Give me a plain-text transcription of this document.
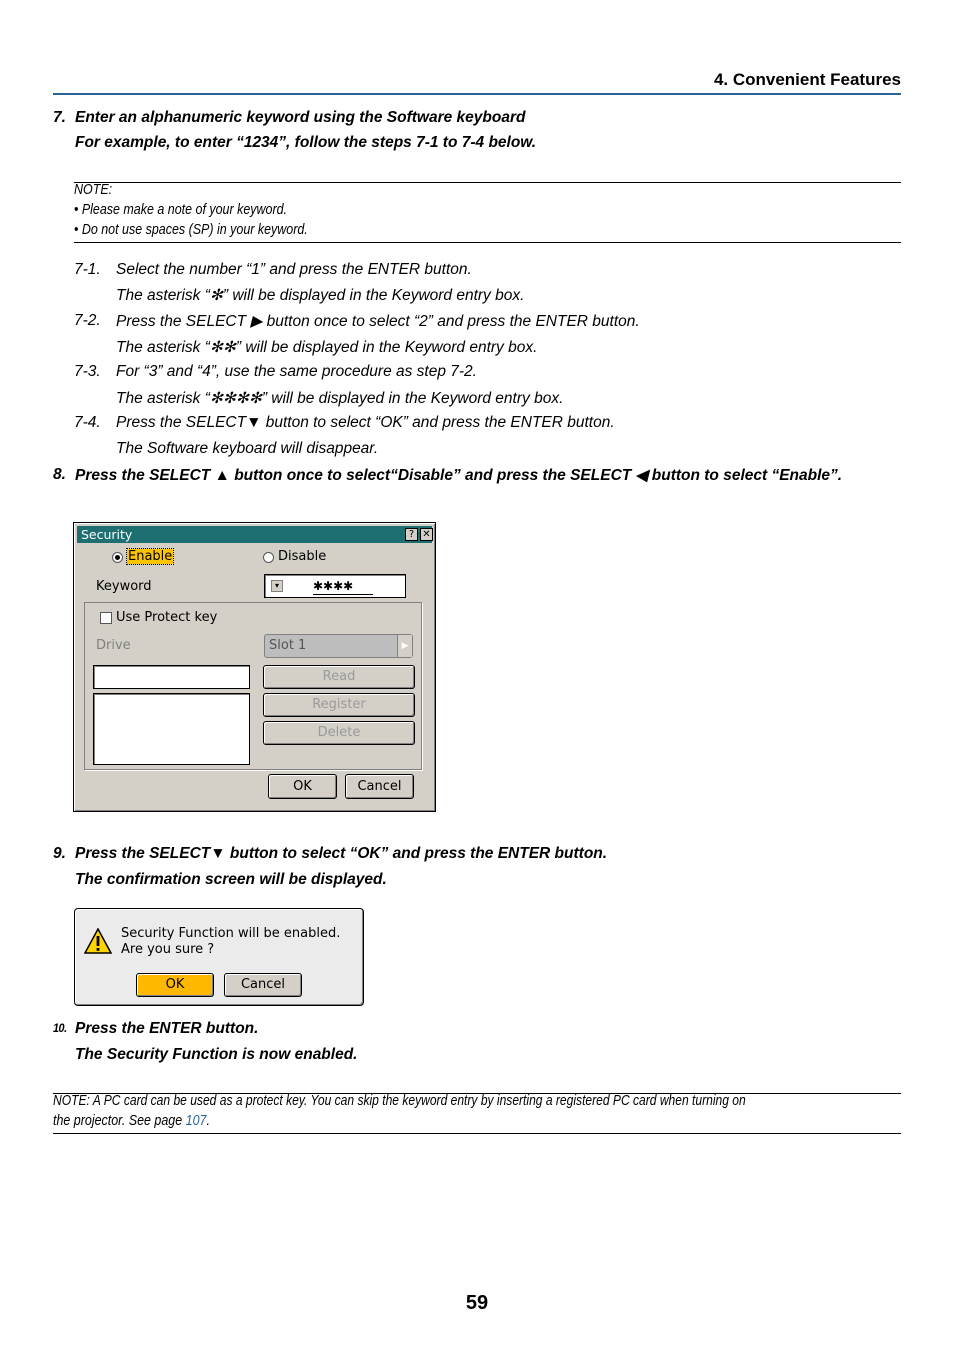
4. Convenient Features
7. Enter an alphanumeric keyword using the Software keyboard
For example, to enter “1234”, follow the steps 7-1 to 7-4 below.
NOTE:
• Please make a note of your keyword.
• Do not use spaces (SP) in your keyword.
7-1. Select the number “1” and press the ENTER button.
The asterisk “✻” will be displayed in the Keyword entry box.
7-2. Press the SELECT ▶ button once to select “2” and press the ENTER button.
The asterisk “✻✻” will be displayed in the Keyword entry box.
7-3. For “3” and “4”, use the same procedure as step 7-2.
The asterisk “✻✻✻✻” will be displayed in the Keyword entry box.
7-4. Press the SELECT▼ button to select “OK” and press the ENTER button.
The Software keyboard will disappear.
8. Press the SELECT ▲ button once to select“Disable” and press the SELECT ◀ button to select “Enable”.
Security	? ✕
Enable	Disable
Keyword	▾	✱✱✱✱
Use Protect key
Drive	Slot 1	▶
Read
Register
Delete
OK	Cancel
9. Press the SELECT▼ button to select “OK” and press the ENTER button.
The confirmation screen will be displayed.
Security Function will be enabled.
Are you sure ?
OK	Cancel
10. Press the ENTER button.
The Security Function is now enabled.
NOTE: A PC card can be used as a protect key. You can skip the keyword entry by inserting a registered PC card when turning on
the projector. See page 107.
59
